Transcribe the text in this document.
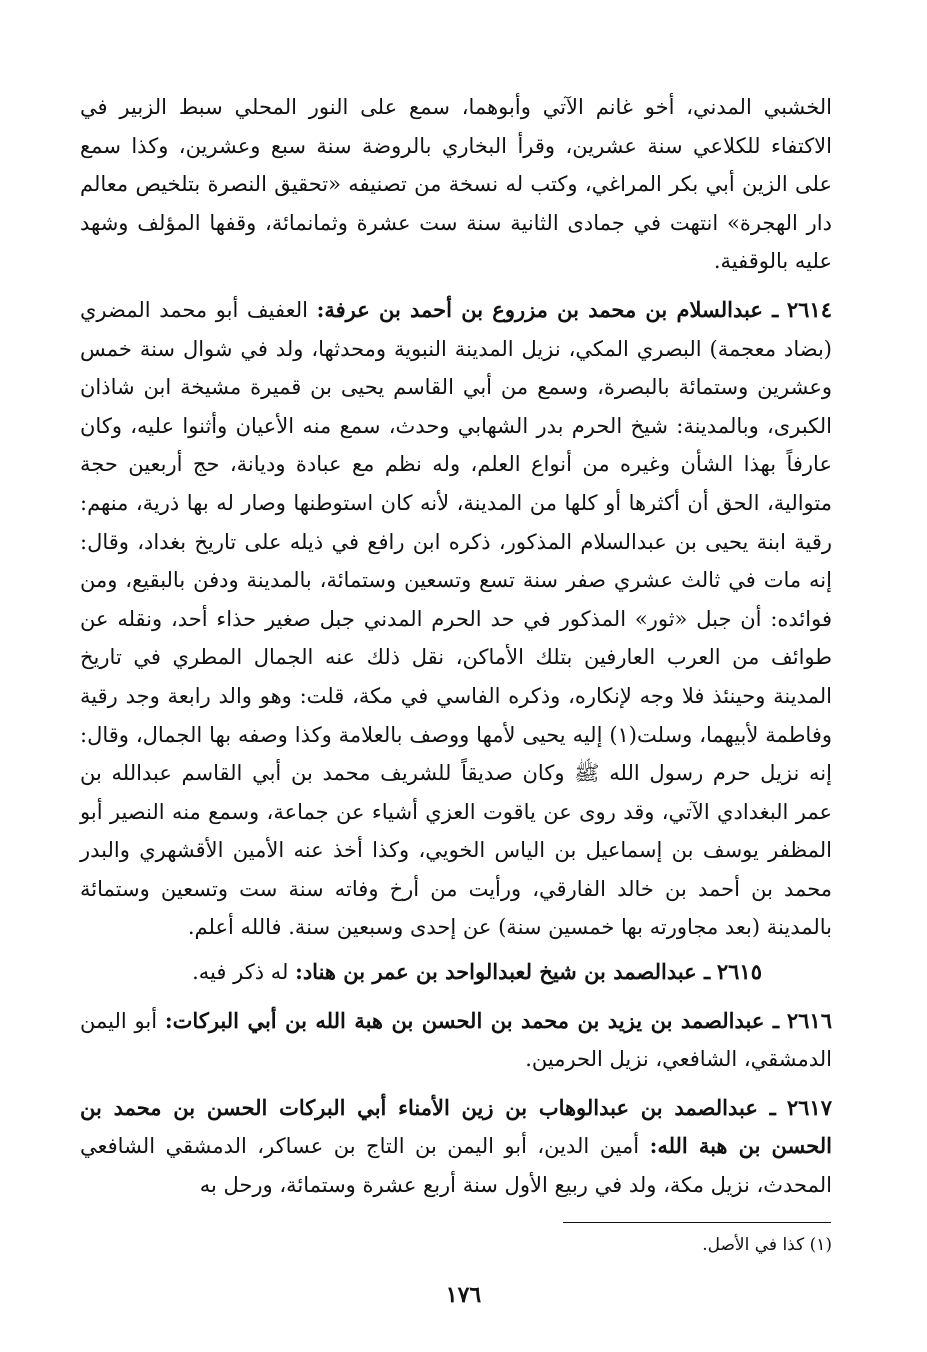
الخشبي المدني، أخو غانم الآتي وأبوهما، سمع على النور المحلي سبط الزبير في الاكتفاء للكلاعي سنة عشرين، وقرأ البخاري بالروضة سنة سبع وعشرين، وكذا سمع على الزين أبي بكر المراغي، وكتب له نسخة من تصنيفه «تحقيق النصرة بتلخيص معالم دار الهجرة» انتهت في جمادى الثانية سنة ست عشرة وثمانمائة، وقفها المؤلف وشهد عليه بالوقفية.

٢٦١٤ ـ عبدالسلام بن محمد بن مزروع بن أحمد بن عرفة: العفيف أبو محمد المضري (بضاد معجمة) البصري المكي، نزيل المدينة النبوية ومحدثها، ولد في شوال سنة خمس وعشرين وستمائة بالبصرة، وسمع من أبي القاسم يحيى بن قميرة مشيخة ابن شاذان الكبرى، وبالمدينة: شيخ الحرم بدر الشهابي وحدث، سمع منه الأعيان وأثنوا عليه، وكان عارفاً بهذا الشأن وغيره من أنواع العلم، وله نظم مع عبادة وديانة، حج أربعين حجة متوالية، الحق أن أكثرها أو كلها من المدينة، لأنه كان استوطنها وصار له بها ذرية، منهم: رقية ابنة يحيى بن عبدالسلام المذكور، ذكره ابن رافع في ذيله على تاريخ بغداد، وقال: إنه مات في ثالث عشري صفر سنة تسع وتسعين وستمائة، بالمدينة ودفن بالبقيع، ومن فوائده: أن جبل «ثور» المذكور في حد الحرم المدني جبل صغير حذاء أحد، ونقله عن طوائف من العرب العارفين بتلك الأماكن، نقل ذلك عنه الجمال المطري في تاريخ المدينة وحينئذ فلا وجه لإنكاره، وذكره الفاسي في مكة، قلت: وهو والد رابعة وجد رقية وفاطمة لأبيهما، وسلت(١) إليه يحيى لأمها ووصف بالعلامة وكذا وصفه بها الجمال، وقال: إنه نزيل حرم رسول الله ﷺ وكان صديقاً للشريف محمد بن أبي القاسم عبدالله بن عمر البغدادي الآتي، وقد روى عن ياقوت العزي أشياء عن جماعة، وسمع منه النصير أبو المظفر يوسف بن إسماعيل بن الياس الخويي، وكذا أخذ عنه الأمين الأقشهري والبدر محمد بن أحمد بن خالد الفارقي، ورأيت من أرخ وفاته سنة ست وتسعين وستمائة بالمدينة (بعد مجاورته بها خمسين سنة) عن إحدى وسبعين سنة. فالله أعلم.

٢٦١٥ ـ عبدالصمد بن شيخ لعبدالواحد بن عمر بن هناد: له ذكر فيه.

٢٦١٦ ـ عبدالصمد بن يزيد بن محمد بن الحسن بن هبة الله بن أبي البركات: أبو اليمن الدمشقي، الشافعي، نزيل الحرمين.

٢٦١٧ ـ عبدالصمد بن عبدالوهاب بن زين الأمناء أبي البركات الحسن بن محمد بن الحسن بن هبة الله: أمين الدين، أبو اليمن بن التاج بن عساكر، الدمشقي الشافعي المحدث، نزيل مكة، ولد في ربيع الأول سنة أربع عشرة وستمائة، ورحل به

(١) كذا في الأصل.
١٧٦
